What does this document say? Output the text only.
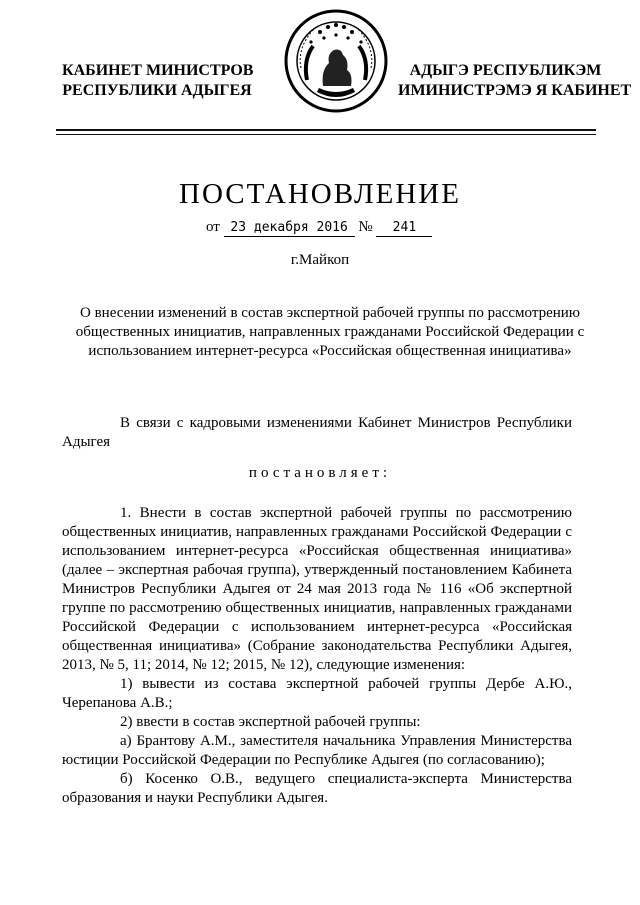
КАБИНЕТ МИНИСТРОВ
РЕСПУБЛИКИ АДЫГЕЯ
АДЫГЭ РЕСПУБЛИКЭМ
ИМИНИСТРЭМЭ Я КАБИНЕТ
ПОСТАНОВЛЕНИЕ
от 23 декабря 2016 № 241
г.Майкоп
О внесении изменений в состав экспертной рабочей группы по рассмотрению общественных инициатив, направленных гражданами Российской Федерации с использованием интернет-ресурса «Российская общественная инициатива»
В связи с кадровыми изменениями Кабинет Министров Республики Адыгея
постановляет:

1. Внести в состав экспертной рабочей группы по рассмотрению общественных инициатив, направленных гражданами Российской Федерации с использованием интернет-ресурса «Российская общественная инициатива» (далее – экспертная рабочая группа), утвержденный постановлением Кабинета Министров Республики Адыгея от 24 мая 2013 года № 116 «Об экспертной группе по рассмотрению общественных инициатив, направленных гражданами Российской Федерации с использованием интернет-ресурса «Российская общественная инициатива» (Собрание законодательства Республики Адыгея, 2013, № 5, 11; 2014, № 12; 2015, № 12), следующие изменения:

1) вывести из состава экспертной рабочей группы Дербе А.Ю., Черепанова А.В.;

2) ввести в состав экспертной рабочей группы:

а) Брантову А.М., заместителя начальника Управления Министерства юстиции Российской Федерации по Республике Адыгея (по согласованию);

б) Косенко О.В., ведущего специалиста-эксперта Министерства образования и науки Республики Адыгея.
